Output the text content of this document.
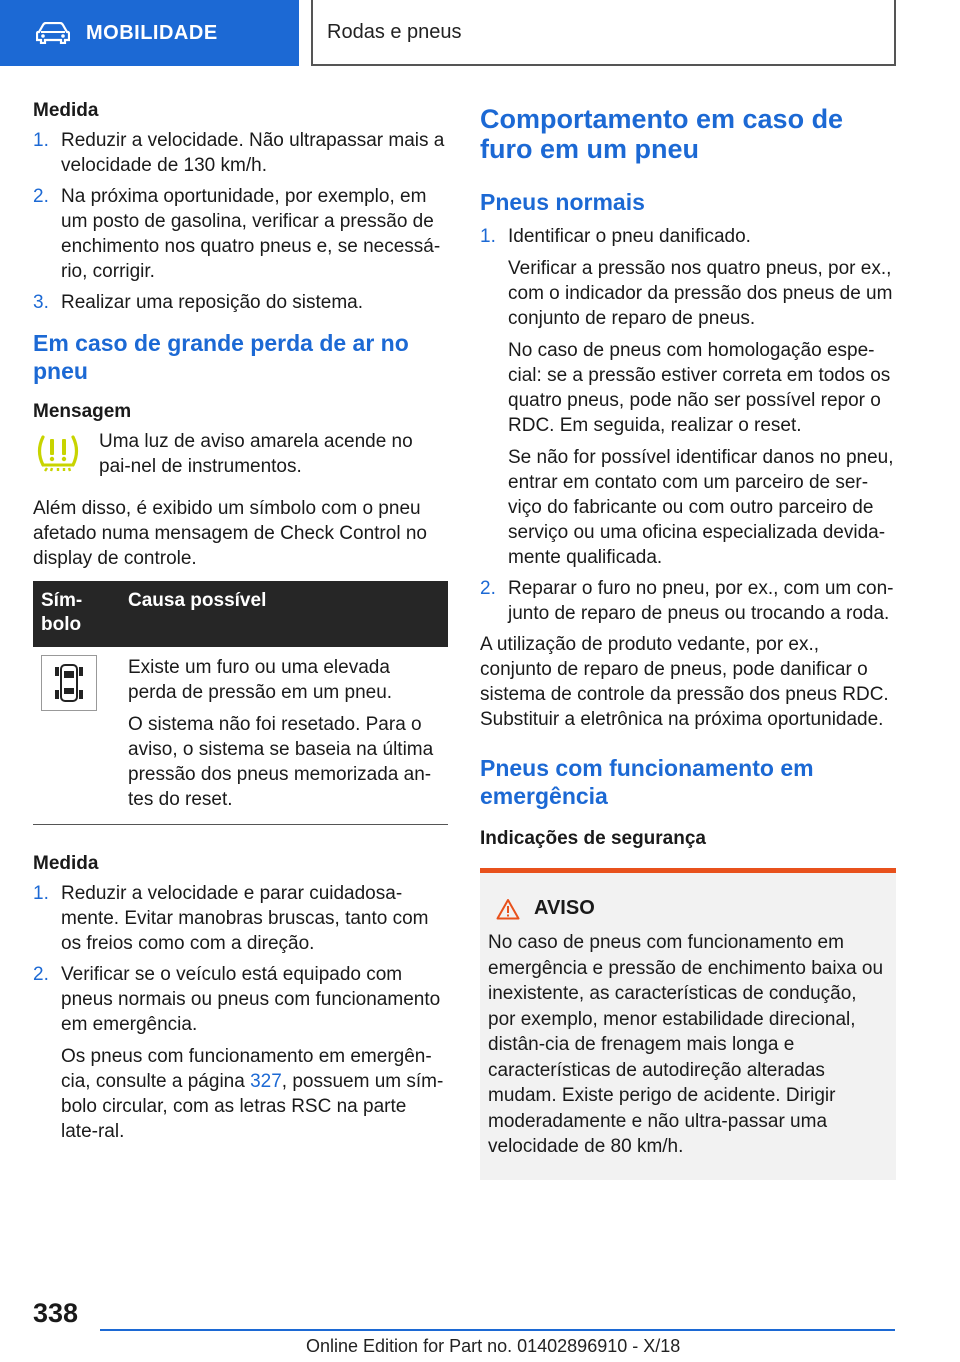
MOBILIDADE	Rodas e pneus
Medida
1. Reduzir a velocidade. Não ultrapassar mais a velocidade de 130 km/h.
2. Na próxima oportunidade, por exemplo, em um posto de gasolina, verificar a pressão de enchimento nos quatro pneus e, se necessá‐rio, corrigir.
3. Realizar uma reposição do sistema.
Em caso de grande perda de ar no pneu
Mensagem
Uma luz de aviso amarela acende no pai‐nel de instrumentos.

Além disso, é exibido um símbolo com o pneu afetado numa mensagem de Check Control no display de controle.

Sím‐bolo	Causa possível

Existe um furo ou uma elevada perda de pressão em um pneu.

O sistema não foi resetado. Para o aviso, o sistema se baseia na última pressão dos pneus memorizada an‐tes do reset.

Medida
1. Reduzir a velocidade e parar cuidadosa‐mente. Evitar manobras bruscas, tanto com os freios como com a direção.
2. Verificar se o veículo está equipado com pneus normais ou pneus com funcionamento em emergência.

Os pneus com funcionamento em emergên‐cia, consulte a página 327, possuem um sím‐bolo circular, com as letras RSC na parte late‐ral.

Comportamento em caso de furo em um pneu
Pneus normais
1. Identificar o pneu danificado.

Verificar a pressão nos quatro pneus, por ex., com o indicador da pressão dos pneus de um conjunto de reparo de pneus.

No caso de pneus com homologação espe‐cial: se a pressão estiver correta em todos os quatro pneus, pode não ser possível repor o RDC. Em seguida, realizar o reset.

Se não for possível identificar danos no pneu, entrar em contato com um parceiro de ser‐viço do fabricante ou com outro parceiro de serviço ou uma oficina especializada devida‐mente qualificada.

2. Reparar o furo no pneu, por ex., com um con‐junto de reparo de pneus ou trocando a roda.

A utilização de produto vedante, por ex., conjunto de reparo de pneus, pode danificar o sistema de controle da pressão dos pneus RDC. Substituir a eletrônica na próxima oportunidade.

Pneus com funcionamento em emergência
Indicações de segurança
AVISO
No caso de pneus com funcionamento em emergência e pressão de enchimento baixa ou inexistente, as características de condução, por exemplo, menor estabilidade direcional, distân‐cia de frenagem mais longa e características de autodireção alteradas mudam. Existe perigo de acidente. Dirigir moderadamente e não ultra‐passar uma velocidade de 80 km/h.
338
Online Edition for Part no. 01402896910 - X/18
